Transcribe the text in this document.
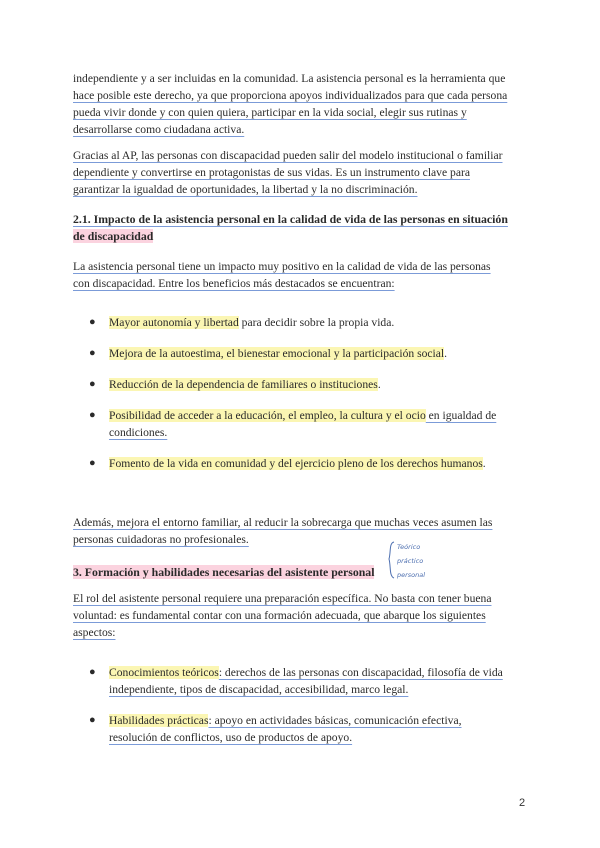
independiente y a ser incluidas en la comunidad. La asistencia personal es la herramienta que
hace posible este derecho, ya que proporciona apoyos individualizados para que cada persona
pueda vivir donde y con quien quiera, participar en la vida social, elegir sus rutinas y
desarrollarse como ciudadana activa.
Gracias al AP, las personas con discapacidad pueden salir del modelo institucional o familiar
dependiente y convertirse en protagonistas de sus vidas. Es un instrumento clave para
garantizar la igualdad de oportunidades, la libertad y la no discriminación.
2.1. Impacto de la asistencia personal en la calidad de vida de las personas en situación
de discapacidad
La asistencia personal tiene un impacto muy positivo en la calidad de vida de las personas
con discapacidad. Entre los beneficios más destacados se encuentran:
● Mayor autonomía y libertad para decidir sobre la propia vida.
● Mejora de la autoestima, el bienestar emocional y la participación social.
● Reducción de la dependencia de familiares o instituciones.
● Posibilidad de acceder a la educación, el empleo, la cultura y el ocio en igualdad de
condiciones.
● Fomento de la vida en comunidad y del ejercicio pleno de los derechos humanos.
Además, mejora el entorno familiar, al reducir la sobrecarga que muchas veces asumen las
personas cuidadoras no profesionales.
3. Formación y habilidades necesarias del asistente personal
Teórico
práctico
personal
El rol del asistente personal requiere una preparación específica. No basta con tener buena
voluntad: es fundamental contar con una formación adecuada, que abarque los siguientes
aspectos:
● Conocimientos teóricos: derechos de las personas con discapacidad, filosofía de vida
independiente, tipos de discapacidad, accesibilidad, marco legal.
● Habilidades prácticas: apoyo en actividades básicas, comunicación efectiva,
resolución de conflictos, uso de productos de apoyo.
2
